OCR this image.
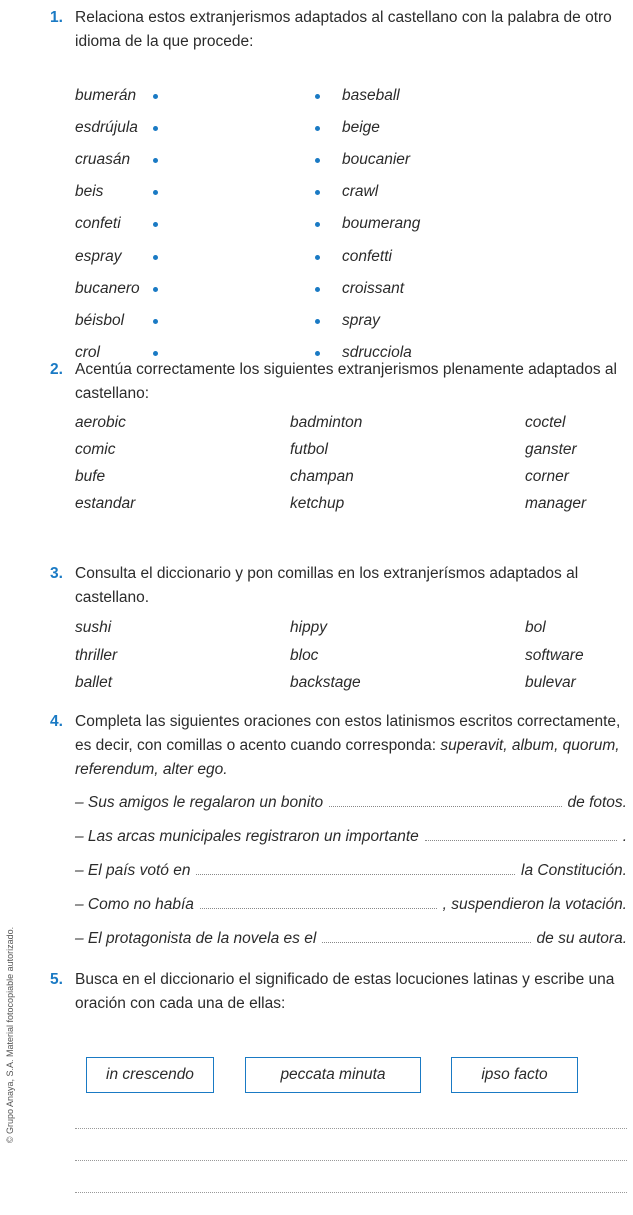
© Grupo Anaya, S.A. Material fotocopiable autorizado.
1. Relaciona estos extranjerismos adaptados al castellano con la palabra de otro idioma de la que procede:
bumerán	baseball
esdrújula	beige
cruasán	boucanier
beis	crawl
confeti	boumerang
espray	confetti
bucanero	croissant
béisbol	spray
crol	sdrucciola
2. Acentúa correctamente los siguientes extranjerismos plenamente adaptados al castellano:
aerobic	badminton	coctel
comic	futbol	ganster
bufe	champan	corner
estandar	ketchup	manager
3. Consulta el diccionario y pon comillas en los extranjerísmos adaptados al castellano.
sushi	hippy	bol
thriller	bloc	software
ballet	backstage	bulevar
4. Completa las siguientes oraciones con estos latinismos escritos correctamente, es decir, con comillas o acento cuando corresponda: superavit, album, quorum, referendum, alter ego.
– Sus amigos le regalaron un bonito	de fotos.
– Las arcas municipales registraron un importante	.
– El país votó en	la Constitución.
– Como no había	, suspendieron la votación.
– El protagonista de la novela es el	de su autora.
5. Busca en el diccionario el significado de estas locuciones latinas y escribe una oración con cada una de ellas:
in crescendo	peccata minuta	ipso facto
